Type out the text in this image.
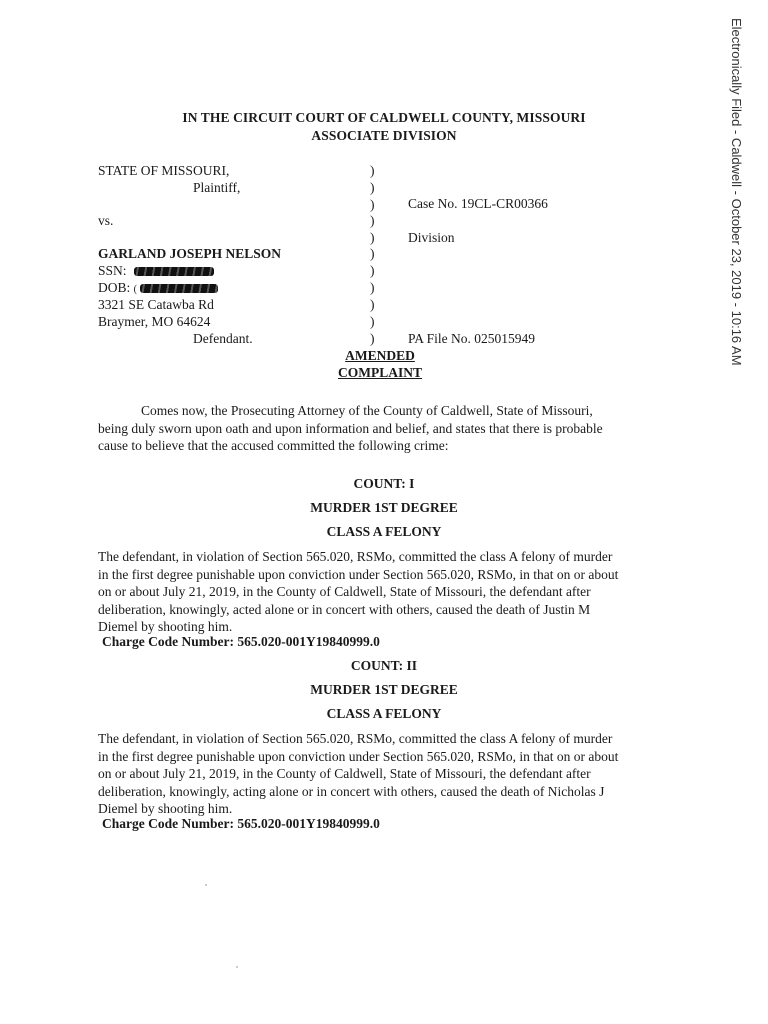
Electronically Filed - Caldwell - October 23, 2019 - 10:16 AM
IN THE CIRCUIT COURT OF CALDWELL COUNTY, MISSOURI
ASSOCIATE DIVISION
STATE OF MISSOURI,
Plaintiff,
vs.
GARLAND JOSEPH NELSON
SSN:
DOB: (
3321 SE Catawba Rd
Braymer, MO 64624
Defendant.
)
)
)
)
)
)
)
)
)
)
)
Case No. 19CL-CR00366
Division
PA File No. 025015949
AMENDED
COMPLAINT
Comes now, the Prosecuting Attorney of the County of Caldwell, State of Missouri, being duly sworn upon oath and upon information and belief, and states that there is probable cause to believe that the accused committed the following crime:
COUNT: I
MURDER 1ST DEGREE
CLASS A FELONY
The defendant, in violation of Section 565.020, RSMo, committed the class A felony of murder
in the first degree punishable upon conviction under Section 565.020, RSMo, in that on or about
on or about July 21, 2019, in the County of Caldwell, State of Missouri, the defendant after
deliberation, knowingly, acted alone or in concert with others, caused the death of Justin M
Diemel by shooting him.
Charge Code Number: 565.020-001Y19840999.0
COUNT: II
MURDER 1ST DEGREE
CLASS A FELONY
The defendant, in violation of Section 565.020, RSMo, committed the class A felony of murder
in the first degree punishable upon conviction under Section 565.020, RSMo, in that on or about
on or about July 21, 2019, in the County of Caldwell, State of Missouri, the defendant after
deliberation, knowingly, acting alone or in concert with others, caused the death of Nicholas J
Diemel by shooting him.
Charge Code Number: 565.020-001Y19840999.0
